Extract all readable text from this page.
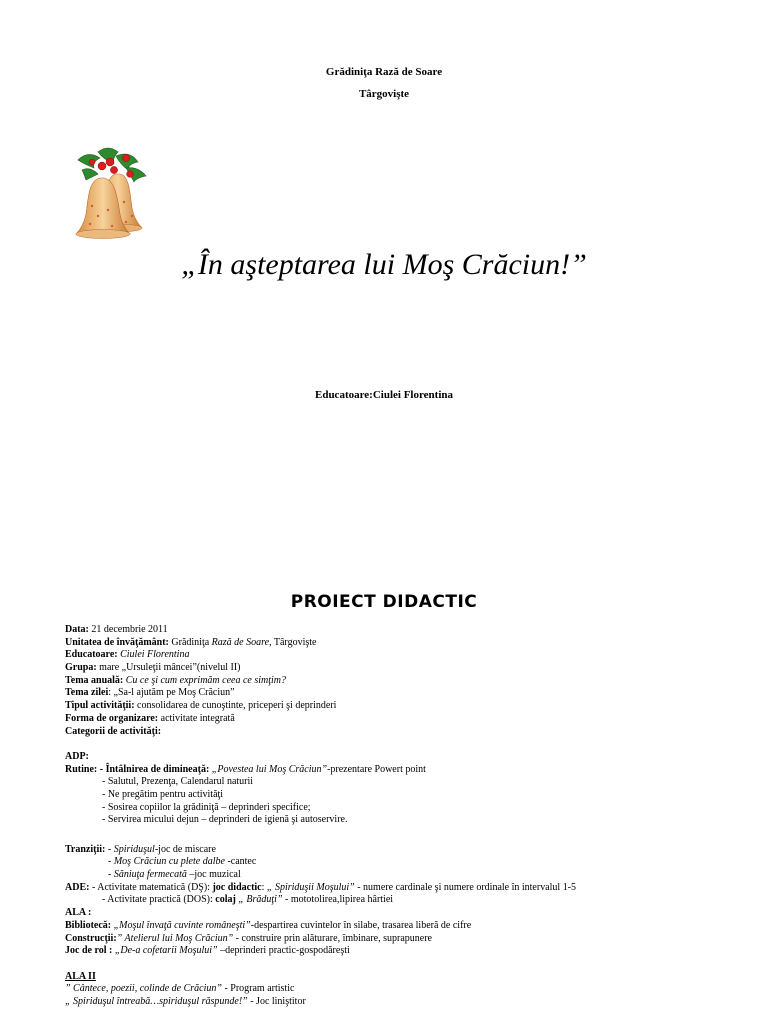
Grădiniţa Rază de Soare
Târgovişte
„În aşteptarea lui Moş Crăciun!”
Educatoare:Ciulei Florentina
PROIECT DIDACTIC
Data: 21 decembrie 2011
Unitatea de învăţământ: Grădiniţa Rază de Soare, Târgovişte
Educatoare: Ciulei Florentina
Grupa: mare „Ursuleţii mâncei”(nivelul II)
Tema anuală: Cu ce şi cum exprimăm ceea ce simţim?
Tema zilei: „Sa-l ajutăm pe Moş Crăciun”
Tipul activităţii: consolidarea de cunoştinte, priceperi şi deprinderi
Forma de organizare: activitate integrată
Categorii de activităţi:
ADP:
Rutine: - Întâlnirea de dimineaţă: „Povestea lui Moş Crăciun”-prezentare Powert point
- Salutul, Prezenţa, Calendarul naturii
- Ne pregătim pentru activităţi
- Sosirea copiilor la grădiniţă – deprinderi specifice;
- Servirea micului dejun – deprinderi de igienă şi autoservire.
Tranziţii: - Spiriduşul-joc de miscare
- Moş Crăciun cu plete dalbe -cantec
- Săniuţa fermecată –joc muzical
ADE: - Activitate matematică (DŞ): joc didactic: „ Spiriduşii Moşului” - numere cardinale şi numere ordinale în intervalul 1-5
- Activitate practică (DOS): colaj „ Brăduţi” - mototolirea,lipirea hârtiei
ALA :
Bibliotecă: „Moşul învaţă cuvinte româneşti”-despartirea cuvintelor în silabe, trasarea liberă de cifre
Construcţii:” Atelierul lui Moş Crăciun” - construire prin alăturare, îmbinare, suprapunere
Joc de rol : „De-a cofetarii Moşului” –deprinderi practic-gospodăreşti
ALA II
” Cântece, poezii, colinde de Crăciun” - Program artistic
„ Spiriduşul întreabă…spiriduşul răspunde!” - Joc liniştitor
